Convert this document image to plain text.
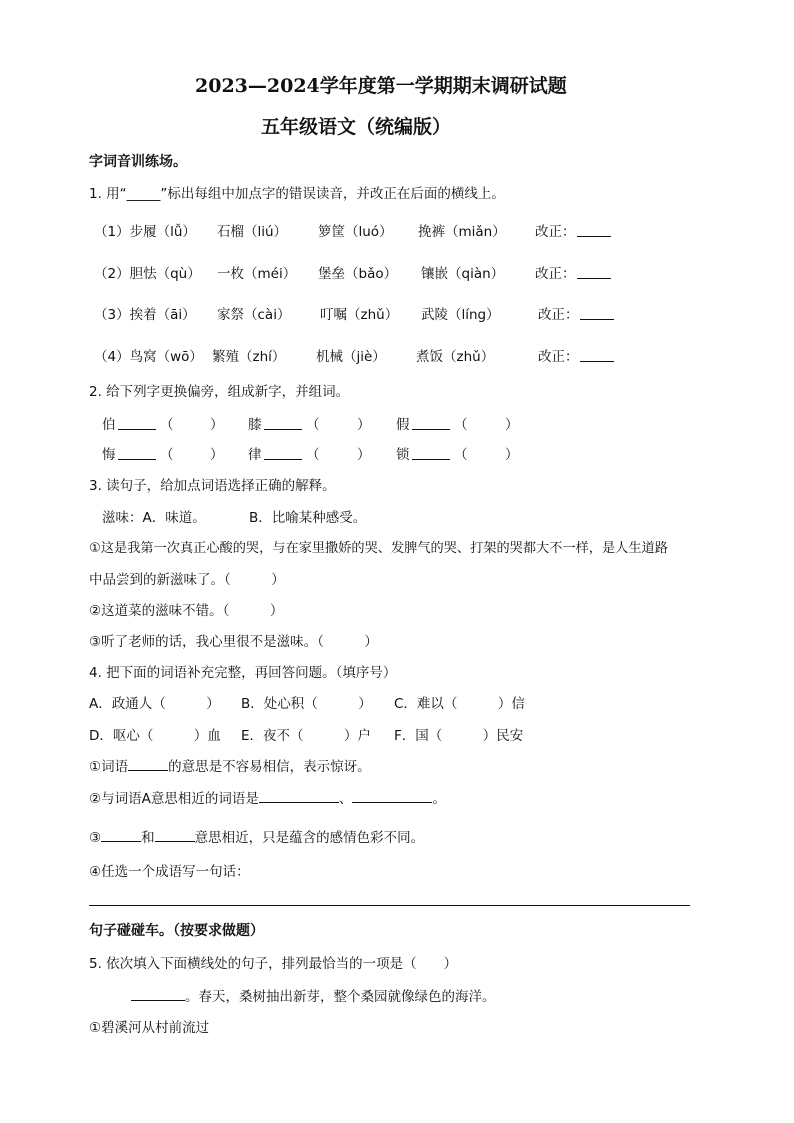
2023—2024学年度第一学期期末调研试题
五年级语文（统编版）
字词音训练场。
1. 用“_____”标出每组中加点字的错误读音，并改正在后面的横线上。
（1）步履（lǚ） 石榴（liú） 箩筐（luó） 挽裤（miǎn） 改正：
（2）胆怯（qù） 一枚（méi） 堡垒（bǎo） 镶嵌（qiàn） 改正：
（3）挨着（āi） 家祭（cài） 叮嘱（zhǔ） 武陵（líng）	改正：
（4）鸟窝（wō） 繁殖（zhí） 机械（jiè） 煮饭（zhǔ）	改正：
2. 给下列字更换偏旁，组成新字，并组词。
伯	（	） 膝	（	） 假	（	）
悔	（	） 律	（	） 锁	（	）
3. 读句子，给加点词语选择正确的解释。
滋味：A．味道。	B．比喻某种感受。
①这是我第一次真正心酸的哭，与在家里撒娇的哭、发脾气的哭、打架的哭都大不一样，是人生道路
中品尝到的新滋味了。（　　　）
②这道菜的滋味不错。（　　　）
③听了老师的话，我心里很不是滋味。（　　　）
4. 把下面的词语补充完整，再回答问题。（填序号）
A．政通人（　　　） B．处心积（　　　） C．难以（　　　）信
D．呕心（　　　）血 E．夜不（　　　）户 F．国（　　　）民安
①词语	的意思是不容易相信，表示惊讶。
②与词语A意思相近的词语是	、	。
③	和	意思相近，只是蕴含的感情色彩不同。
④任选一个成语写一句话：
句子碰碰车。（按要求做题）
5. 依次填入下面横线处的句子，排列最恰当的一项是（　　）
。春天，桑树抽出新芽，整个桑园就像绿色的海洋。
①碧溪河从村前流过
